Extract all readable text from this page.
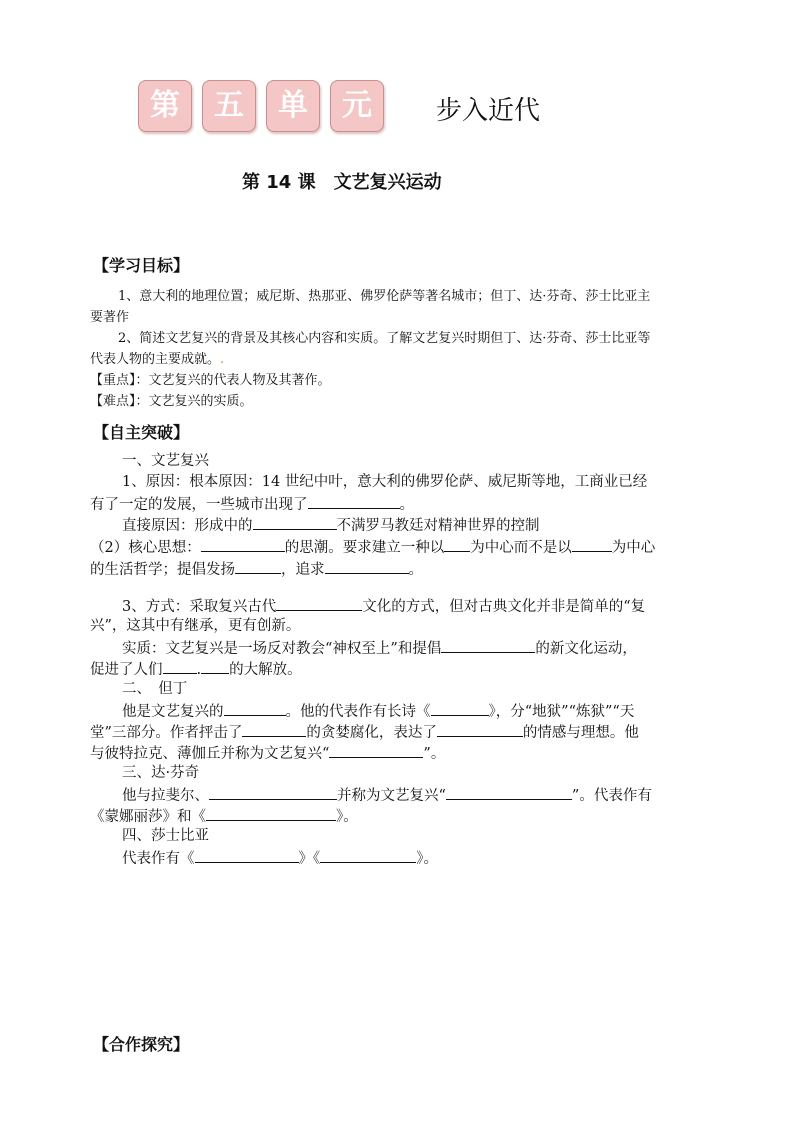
第	五	单	元	步入近代
第 14 课　文艺复兴运动
【学习目标】
1、意大利的地理位置；威尼斯、热那亚、佛罗伦萨等著名城市；但丁、达·芬奇、莎士比亚主
要著作
2、简述文艺复兴的背景及其核心内容和实质。了解文艺复兴时期但丁、达·芬奇、莎士比亚等
代表人物的主要成就。.
【重点】：文艺复兴的代表人物及其著作。
【难点】：文艺复兴的实质。
【自主突破】
一、文艺复兴
1、原因：根本原因：14 世纪中叶，意大利的佛罗伦萨、威尼斯等地，工商业已经
有了一定的发展，一些城市出现了	。
直接原因：形成中的	不满罗马教廷对精神世界的控制
（2）核心思想：	的思潮。要求建立一种以 为中心而不是以	为中心
的生活哲学；提倡发扬	，追求	。
3、方式：采取复兴古代	文化的方式，但对古典文化并非是简单的“复
兴”，这其中有继承，更有创新。
实质：文艺复兴是一场反对教会“神权至上”和提倡	的新文化运动，
促进了人们 . 的大解放。
二、　但丁
他是文艺复兴的	。他的代表作有长诗《	》，分“地狱”“炼狱”“天
堂”三部分。作者抨击了	的贪婪腐化，表达了	的情感与理想。他
与彼特拉克、薄伽丘并称为文艺复兴“	”。
三、达·芬奇
他与拉斐尔、	并称为文艺复兴“	”。代表作有
《蒙娜丽莎》和《	》。
四、莎士比亚
代表作有《	》《	》。
【合作探究】
